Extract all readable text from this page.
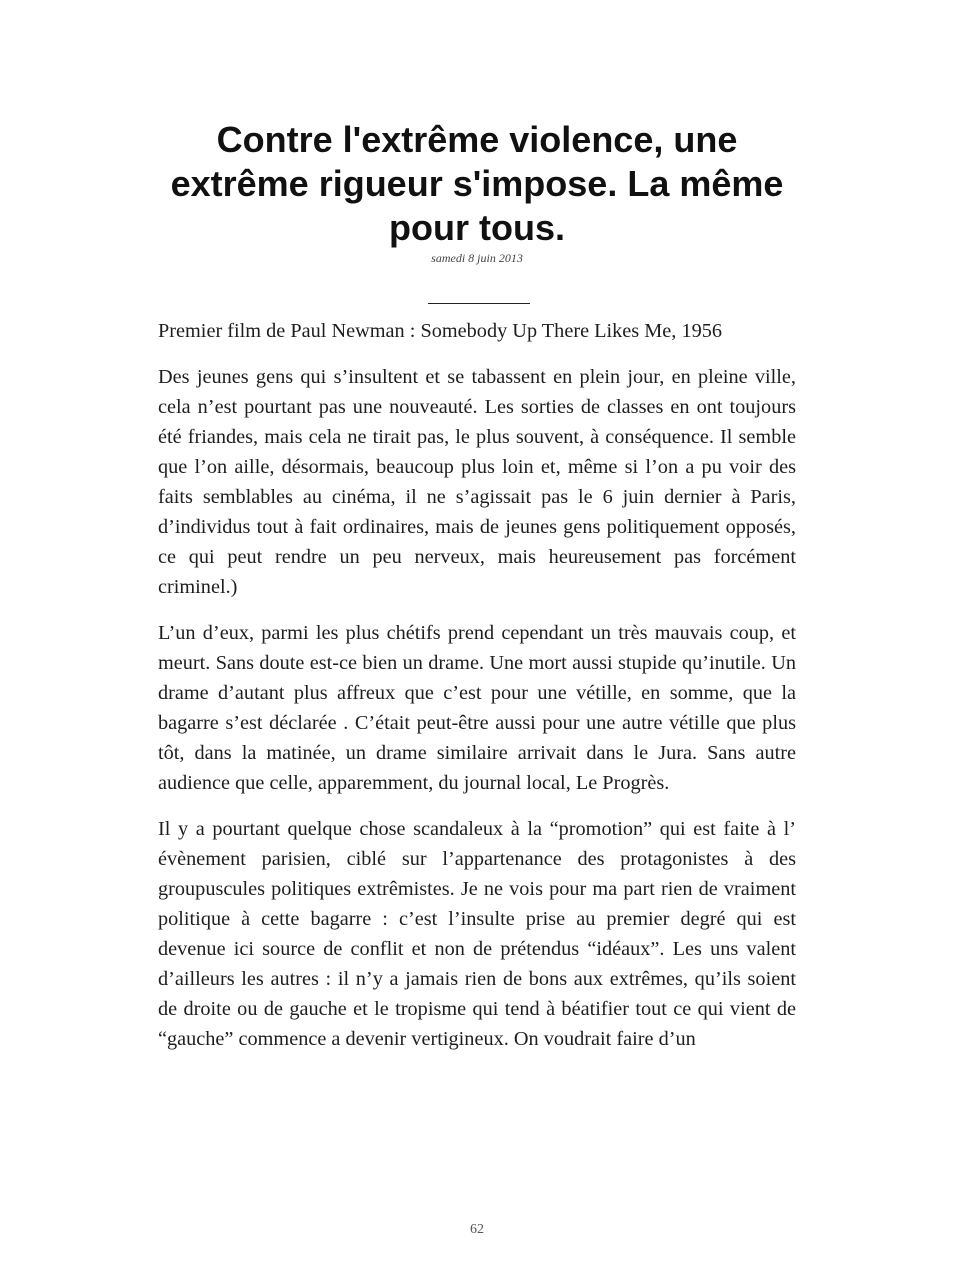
Contre l'extrême violence, une extrême rigueur s'impose. La même pour tous.
samedi 8 juin 2013

Premier film de Paul Newman : Somebody Up There Likes Me, 1956

Des jeunes gens qui s’insultent et se tabassent en plein jour, en pleine ville, cela n’est pourtant pas une nouveauté. Les sorties de classes en ont toujours été friandes, mais cela ne tirait pas, le plus souvent, à conséquence. Il semble que l’on aille, désormais, beaucoup plus loin et, même si l’on a pu voir des faits semblables au cinéma, il ne s’agissait pas le 6 juin dernier à Paris, d’individus tout à fait ordinaires, mais de jeunes gens politiquement opposés, ce qui peut rendre un peu nerveux, mais heureusement pas forcément criminel.)

L’un d’eux, parmi les plus chétifs prend cependant un très mauvais coup, et meurt. Sans doute est-ce bien un drame. Une mort aussi stupide qu’inutile. Un drame d’autant plus affreux que c’est pour une vétille, en somme, que la bagarre s’est déclarée . C’était peut-être aussi pour une autre vétille que plus tôt, dans la matinée, un drame similaire arrivait dans le Jura. Sans autre audience que celle, apparemment, du journal local, Le Progrès.

Il y a pourtant quelque chose scandaleux à la “promotion” qui est faite à l’ évènement parisien, ciblé sur l’appartenance des protagonistes à des groupuscules politiques extrêmistes. Je ne vois pour ma part rien de vraiment politique à cette bagarre : c’est l’insulte prise au premier degré qui est devenue ici source de conflit et non de prétendus “idéaux”. Les uns valent d’ailleurs les autres : il n’y a jamais rien de bons aux extrêmes, qu’ils soient de droite ou de gauche et le tropisme qui tend à béatifier tout ce qui vient de “gauche” commence a devenir vertigineux. On voudrait faire d’un

62
